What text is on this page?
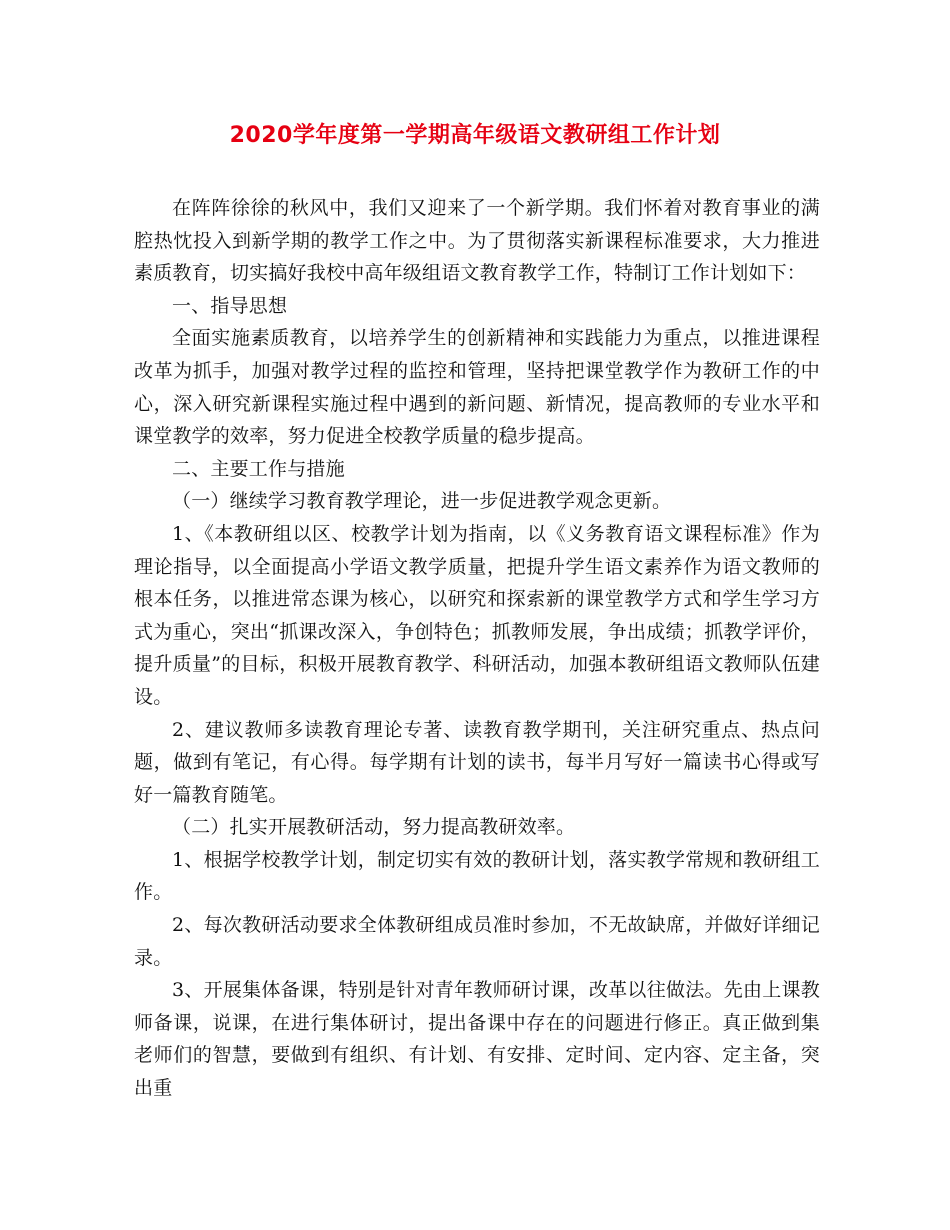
2020学年度第一学期高年级语文教研组工作计划

在阵阵徐徐的秋风中，我们又迎来了一个新学期。我们怀着对教育事业的满腔热忱投入到新学期的教学工作之中。为了贯彻落实新课程标准要求，大力推进素质教育，切实搞好我校中高年级组语文教育教学工作，特制订工作计划如下：

一、指导思想

全面实施素质教育，以培养学生的创新精神和实践能力为重点，以推进课程改革为抓手，加强对教学过程的监控和管理，坚持把课堂教学作为教研工作的中心，深入研究新课程实施过程中遇到的新问题、新情况，提高教师的专业水平和课堂教学的效率，努力促进全校教学质量的稳步提高。

二、主要工作与措施

（一）继续学习教育教学理论，进一步促进教学观念更新。

1、《本教研组以区、校教学计划为指南，以《义务教育语文课程标准》作为理论指导，以全面提高小学语文教学质量，把提升学生语文素养作为语文教师的根本任务，以推进常态课为核心，以研究和探索新的课堂教学方式和学生学习方式为重心，突出“抓课改深入，争创特色；抓教师发展，争出成绩；抓教学评价，提升质量”的目标，积极开展教育教学、科研活动，加强本教研组语文教师队伍建设。

2、建议教师多读教育理论专著、读教育教学期刊，关注研究重点、热点问题，做到有笔记，有心得。每学期有计划的读书，每半月写好一篇读书心得或写好一篇教育随笔。

（二）扎实开展教研活动，努力提高教研效率。

1、根据学校教学计划，制定切实有效的教研计划，落实教学常规和教研组工作。

2、每次教研活动要求全体教研组成员准时参加，不无故缺席，并做好详细记录。

3、开展集体备课，特别是针对青年教师研讨课，改革以往做法。先由上课教师备课，说课，在进行集体研讨，提出备课中存在的问题进行修正。真正做到集老师们的智慧，要做到有组织、有计划、有安排、定时间、定内容、定主备，突出重
